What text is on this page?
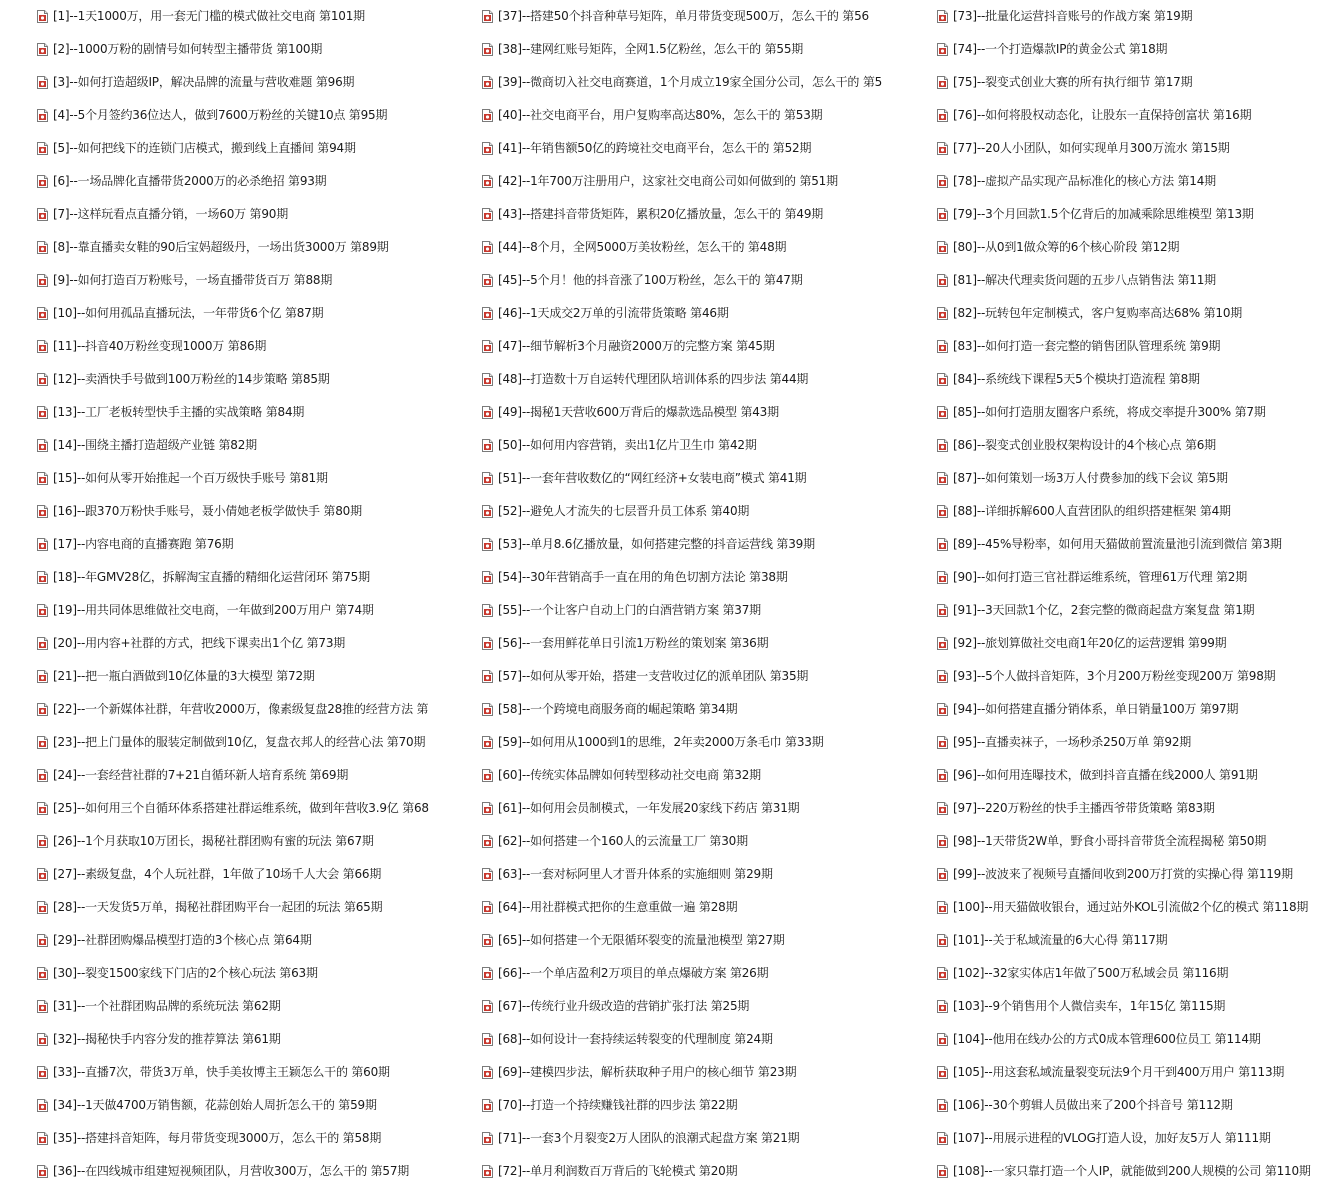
[1]--1天1000万，用一套无门槛的模式做社交电商 第101期
[2]--1000万粉的剧情号如何转型主播带货 第100期
[3]--如何打造超级IP，解决品牌的流量与营收难题 第96期
[4]--5个月签约36位达人，做到7600万粉丝的关键10点 第95期
[5]--如何把线下的连锁门店模式，搬到线上直播间 第94期
[6]--一场品牌化直播带货2000万的必杀绝招 第93期
[7]--这样玩看点直播分销，一场60万 第90期
[8]--靠直播卖女鞋的90后宝妈超级丹，一场出货3000万 第89期
[9]--如何打造百万粉账号，一场直播带货百万 第88期
[10]--如何用孤品直播玩法，一年带货6个亿 第87期
[11]--抖音40万粉丝变现1000万 第86期
[12]--卖酒快手号做到100万粉丝的14步策略 第85期
[13]--工厂老板转型快手主播的实战策略 第84期
[14]--围绕主播打造超级产业链 第82期
[15]--如何从零开始推起一个百万级快手账号 第81期
[16]--跟370万粉快手账号，聂小倩她老板学做快手 第80期
[17]--内容电商的直播赛跑 第76期
[18]--年GMV28亿，拆解淘宝直播的精细化运营闭环 第75期
[19]--用共同体思维做社交电商，一年做到200万用户 第74期
[20]--用内容+社群的方式，把线下课卖出1个亿 第73期
[21]--把一瓶白酒做到10亿体量的3大模型 第72期
[22]--一个新媒体社群，年营收2000万，像素级复盘28推的经营方法 第
[23]--把上门量体的服装定制做到10亿，复盘衣邦人的经营心法 第70期
[24]--一套经营社群的7+21自循环新人培育系统 第69期
[25]--如何用三个自循环体系搭建社群运维系统，做到年营收3.9亿 第68
[26]--1个月获取10万团长，揭秘社群团购有蜜的玩法 第67期
[27]--素级复盘，4个人玩社群，1年做了10场千人大会 第66期
[28]--一天发货5万单，揭秘社群团购平台一起团的玩法 第65期
[29]--社群团购爆品模型打造的3个核心点 第64期
[30]--裂变1500家线下门店的2个核心玩法 第63期
[31]--一个社群团购品牌的系统玩法 第62期
[32]--揭秘快手内容分发的推荐算法 第61期
[33]--直播7次，带货3万单，快手美妆博主王颖怎么干的 第60期
[34]--1天做4700万销售额，花蒜创始人周折怎么干的 第59期
[35]--搭建抖音矩阵，每月带货变现3000万，怎么干的 第58期
[36]--在四线城市组建短视频团队，月营收300万，怎么干的 第57期
[37]--搭建50个抖音种草号矩阵，单月带货变现500万，怎么干的 第56
[38]--建网红账号矩阵，全网1.5亿粉丝，怎么干的 第55期
[39]--微商切入社交电商赛道，1个月成立19家全国分公司，怎么干的 第5
[40]--社交电商平台，用户复购率高达80%，怎么干的 第53期
[41]--年销售额50亿的跨境社交电商平台，怎么干的 第52期
[42]--1年700万注册用户，这家社交电商公司如何做到的 第51期
[43]--搭建抖音带货矩阵，累积20亿播放量，怎么干的 第49期
[44]--8个月，全网5000万美妆粉丝，怎么干的 第48期
[45]--5个月！他的抖音涨了100万粉丝，怎么干的 第47期
[46]--1天成交2万单的引流带货策略 第46期
[47]--细节解析3个月融资2000万的完整方案 第45期
[48]--打造数十万自运转代理团队培训体系的四步法 第44期
[49]--揭秘1天营收600万背后的爆款选品模型 第43期
[50]--如何用内容营销，卖出1亿片卫生巾 第42期
[51]--一套年营收数亿的“网红经济+女装电商”模式 第41期
[52]--避免人才流失的七层晋升员工体系 第40期
[53]--单月8.6亿播放量，如何搭建完整的抖音运营线 第39期
[54]--30年营销高手一直在用的角色切割方法论 第38期
[55]--一个让客户自动上门的白酒营销方案 第37期
[56]--一套用鲜花单日引流1万粉丝的策划案 第36期
[57]--如何从零开始，搭建一支营收过亿的派单团队 第35期
[58]--一个跨境电商服务商的崛起策略 第34期
[59]--如何用从1000到1的思维，2年卖2000万条毛巾 第33期
[60]--传统实体品牌如何转型移动社交电商 第32期
[61]--如何用会员制模式，一年发展20家线下药店 第31期
[62]--如何搭建一个160人的云流量工厂 第30期
[63]--一套对标阿里人才晋升体系的实施细则 第29期
[64]--用社群模式把你的生意重做一遍 第28期
[65]--如何搭建一个无限循环裂变的流量池模型 第27期
[66]--一个单店盈利2万项目的单点爆破方案 第26期
[67]--传统行业升级改造的营销扩张打法 第25期
[68]--如何设计一套持续运转裂变的代理制度 第24期
[69]--建模四步法，解析获取种子用户的核心细节 第23期
[70]--打造一个持续赚钱社群的四步法 第22期
[71]--一套3个月裂变2万人团队的浪潮式起盘方案 第21期
[72]--单月利润数百万背后的飞轮模式 第20期
[73]--批量化运营抖音账号的作战方案 第19期
[74]--一个打造爆款IP的黄金公式 第18期
[75]--裂变式创业大赛的所有执行细节 第17期
[76]--如何将股权动态化，让股东一直保持创富状 第16期
[77]--20人小团队，如何实现单月300万流水 第15期
[78]--虚拟产品实现产品标准化的核心方法 第14期
[79]--3个月回款1.5个亿背后的加减乘除思维模型 第13期
[80]--从0到1做众筹的6个核心阶段 第12期
[81]--解决代理卖货问题的五步八点销售法 第11期
[82]--玩转包年定制模式，客户复购率高达68% 第10期
[83]--如何打造一套完整的销售团队管理系统 第9期
[84]--系统线下课程5天5个模块打造流程 第8期
[85]--如何打造朋友圈客户系统，将成交率提升300% 第7期
[86]--裂变式创业股权架构设计的4个核心点 第6期
[87]--如何策划一场3万人付费参加的线下会议 第5期
[88]--详细拆解600人直营团队的组织搭建框架 第4期
[89]--45%导粉率，如何用天猫做前置流量池引流到微信 第3期
[90]--如何打造三官社群运维系统，管理61万代理 第2期
[91]--3天回款1个亿，2套完整的微商起盘方案复盘 第1期
[92]--旅划算做社交电商1年20亿的运营逻辑 第99期
[93]--5个人做抖音矩阵，3个月200万粉丝变现200万 第98期
[94]--如何搭建直播分销体系，单日销量100万 第97期
[95]--直播卖袜子，一场秒杀250万单 第92期
[96]--如何用连曝技术，做到抖音直播在线2000人 第91期
[97]--220万粉丝的快手主播西爷带货策略 第83期
[98]--1天带货2W单，野食小哥抖音带货全流程揭秘 第50期
[99]--波波来了视频号直播间收到200万打赏的实操心得 第119期
[100]--用天猫做收银台，通过站外KOL引流做2个亿的模式 第118期
[101]--关于私域流量的6大心得 第117期
[102]--32家实体店1年做了500万私域会员 第116期
[103]--9个销售用个人微信卖车，1年15亿 第115期
[104]--他用在线办公的方式0成本管理600位员工 第114期
[105]--用这套私域流量裂变玩法9个月干到400万用户 第113期
[106]--30个剪辑人员做出来了200个抖音号 第112期
[107]--用展示进程的VLOG打造人设，加好友5万人 第111期
[108]--一家只靠打造一个人IP，就能做到200人规模的公司 第110期
